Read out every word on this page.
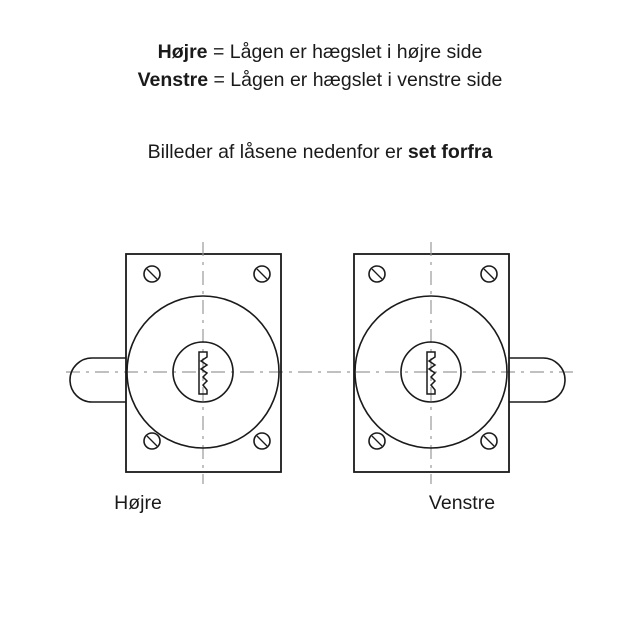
Højre = Lågen er hægslet i højre side
Venstre = Lågen er hægslet i venstre side
Billeder af låsene nedenfor er set forfra
Højre	Venstre
